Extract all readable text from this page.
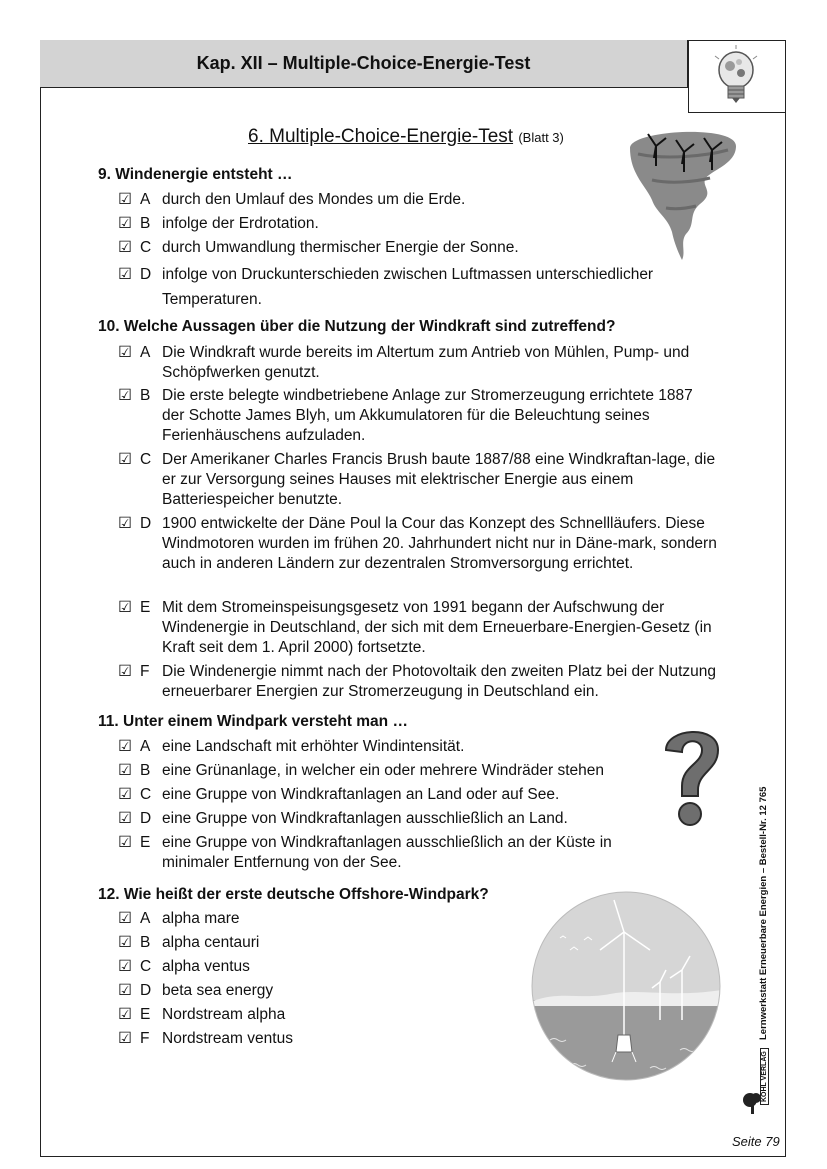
Kap. XII – Multiple-Choice-Energie-Test
6. Multiple-Choice-Energie-Test (Blatt 3)
9. Windenergie entsteht …
☑ A durch den Umlauf des Mondes um die Erde.
☑ B infolge der Erdrotation.
☑ C durch Umwandlung thermischer Energie der Sonne.
☑ D infolge von Druckunterschieden zwischen Luftmassen unterschiedlicher Temperaturen.
10. Welche Aussagen über die Nutzung der Windkraft sind zutreffend?
☑ A Die Windkraft wurde bereits im Altertum zum Antrieb von Mühlen, Pump- und Schöpfwerken genutzt.
☑ B Die erste belegte windbetriebene Anlage zur Stromerzeugung errichtete 1887 der Schotte James Blyh, um Akkumulatoren für die Beleuchtung seines Ferienhäuschens aufzuladen.
☑ C Der Amerikaner Charles Francis Brush baute 1887/88 eine Windkraftan-lage, die er zur Versorgung seines Hauses mit elektrischer Energie aus einem Batteriespeicher benutzte.
☑ D 1900 entwickelte der Däne Poul la Cour das Konzept des Schnellläufers. Diese Windmotoren wurden im frühen 20. Jahrhundert nicht nur in Däne-mark, sondern auch in anderen Ländern zur dezentralen Stromversorgung errichtet.
☑ E Mit dem Stromeinspeisungsgesetz von 1991 begann der Aufschwung der Windenergie in Deutschland, der sich mit dem Erneuerbare-Energien-Gesetz (in Kraft seit dem 1. April 2000) fortsetzte.
☑ F Die Windenergie nimmt nach der Photovoltaik den zweiten Platz bei der Nutzung erneuerbarer Energien zur Stromerzeugung in Deutschland ein.
11. Unter einem Windpark versteht man …
☑ A eine Landschaft mit erhöhter Windintensität.
☑ B eine Grünanlage, in welcher ein oder mehrere Windräder stehen
☑ C eine Gruppe von Windkraftanlagen an Land oder auf See.
☑ D eine Gruppe von Windkraftanlagen ausschließlich an Land.
☑ E eine Gruppe von Windkraftanlagen ausschließlich an der Küste in minimaler Entfernung von der See.
12. Wie heißt der erste deutsche Offshore-Windpark?
☑ A alpha mare
☑ B alpha centauri
☑ C alpha ventus
☑ D beta sea energy
☑ E Nordstream alpha
☑ F Nordstream ventus	Lernwerkstatt Erneuerbare Energien – Bestell-Nr. 12 765
KOHL VERLAG
Seite 79
